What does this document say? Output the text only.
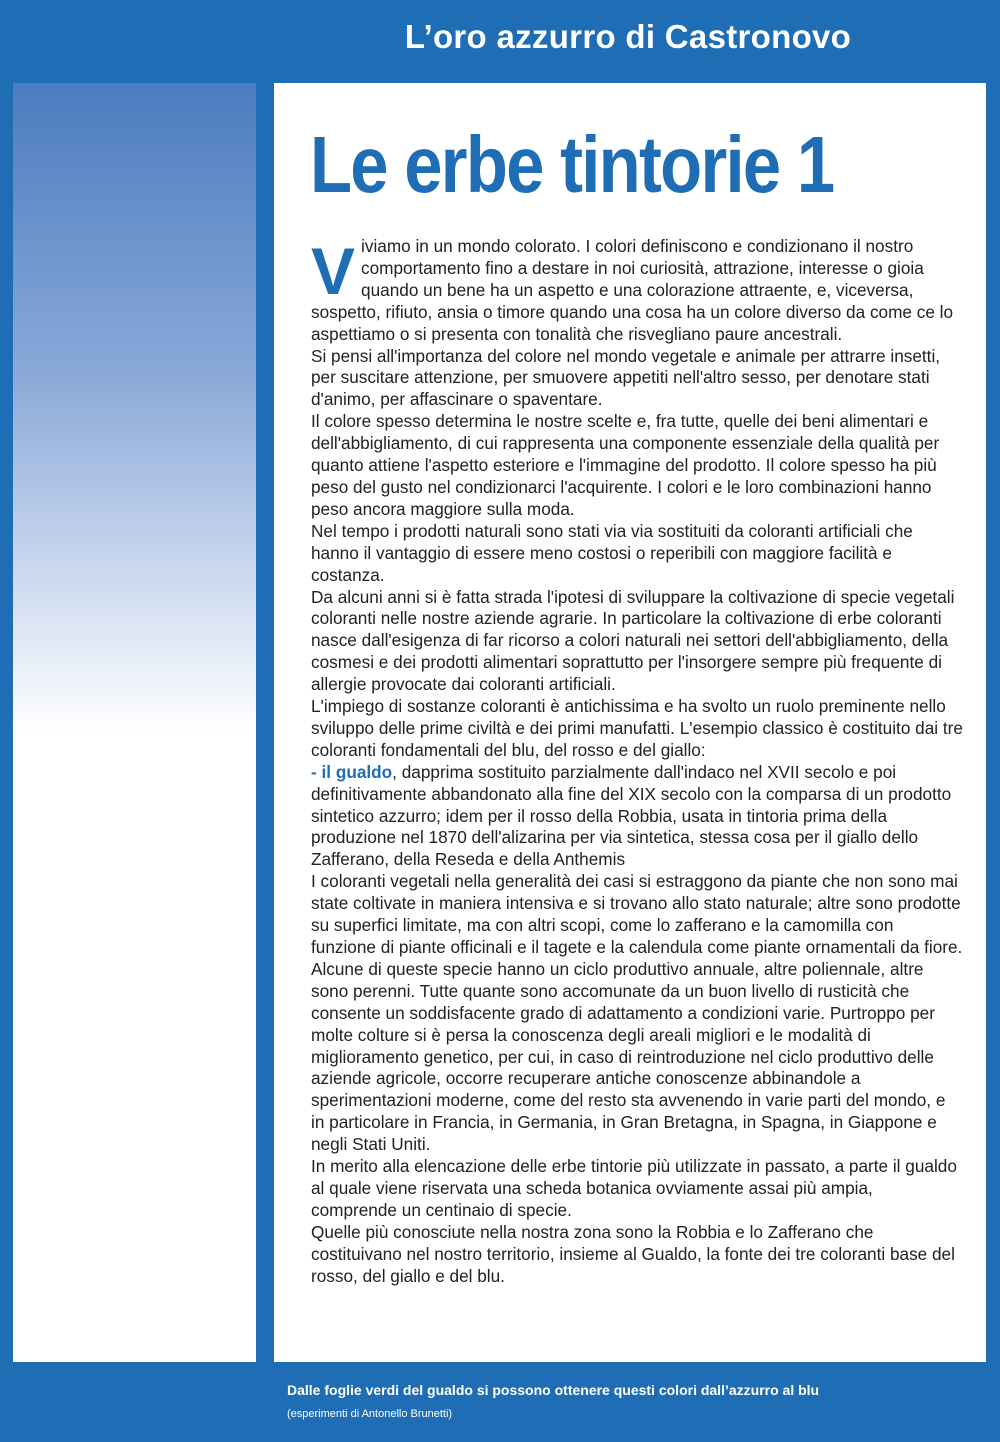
L’oro azzurro di Castronovo
Le erbe tintorie 1

Viviamo in un mondo colorato. I colori definiscono e condizionano il nostro comportamento fino a destare in noi curiosità, attrazione, interesse o gioia quando un bene ha un aspetto e una colorazione attraente, e, viceversa, sospetto, rifiuto, ansia o timore quando una cosa ha un colore diverso da come ce lo aspettiamo o si presenta con tonalità che risvegliano paure ancestrali.

Si pensi all'importanza del colore nel mondo vegetale e animale per attrarre insetti, per suscitare attenzione, per smuovere appetiti nell'altro sesso, per denotare stati d'animo, per affascinare o spaventare.

Il colore spesso determina le nostre scelte e, fra tutte, quelle dei beni alimentari e dell'abbigliamento, di cui rappresenta una componente essenziale della qualità per quanto attiene l'aspetto esteriore e l'immagine del prodotto. Il colore spesso ha più peso del gusto nel condizionarci l'acquirente. I colori e le loro combinazioni hanno peso ancora maggiore sulla moda.

Nel tempo i prodotti naturali sono stati via via sostituiti da coloranti artificiali che hanno il vantaggio di essere meno costosi o reperibili con maggiore facilità e costanza.

Da alcuni anni si è fatta strada l'ipotesi di sviluppare la coltivazione di specie vegetali coloranti nelle nostre aziende agrarie. In particolare la coltivazione di erbe coloranti nasce dall'esigenza di far ricorso a colori naturali nei settori dell'abbigliamento, della cosmesi e dei prodotti alimentari soprattutto per l'insorgere sempre più frequente di allergie provocate dai coloranti artificiali.

L'impiego di sostanze coloranti è antichissima e ha svolto un ruolo preminente nello sviluppo delle prime civiltà e dei primi manufatti. L'esempio classico è costituito dai tre coloranti fondamentali del blu, del rosso e del giallo:

- il gualdo, dapprima sostituito parzialmente dall'indaco nel XVII secolo e poi definitivamente abbandonato alla fine del XIX secolo con la comparsa di un prodotto sintetico azzurro; idem per il rosso della Robbia, usata in tintoria prima della produzione nel 1870 dell'alizarina per via sintetica, stessa cosa per il giallo dello Zafferano, della Reseda e della Anthemis

I coloranti vegetali nella generalità dei casi si estraggono da piante che non sono mai state coltivate in maniera intensiva e si trovano allo stato naturale; altre sono prodotte su superfici limitate, ma con altri scopi, come lo zafferano e la camomilla con funzione di piante officinali e il tagete e la calendula come piante ornamentali da fiore.

Alcune di queste specie hanno un ciclo produttivo annuale, altre poliennale, altre sono perenni. Tutte quante sono accomunate da un buon livello di rusticità che consente un soddisfacente grado di adattamento a condizioni varie. Purtroppo per molte colture si è persa la conoscenza degli areali migliori e le modalità di miglioramento genetico, per cui, in caso di reintroduzione nel ciclo produttivo delle aziende agricole, occorre recuperare antiche conoscenze abbinandole a sperimentazioni moderne, come del resto sta avvenendo in varie parti del mondo, e in particolare in Francia, in Germania, in Gran Bretagna, in Spagna, in Giappone e negli Stati Uniti.

In merito alla elencazione delle erbe tintorie più utilizzate in passato, a parte il gualdo al quale viene riservata una scheda botanica ovviamente assai più ampia, comprende un centinaio di specie.

Quelle più conosciute nella nostra zona sono la Robbia e lo Zafferano che costituivano nel nostro territorio, insieme al Gualdo, la fonte dei tre coloranti base del rosso, del giallo e del blu.

Dalle foglie verdi del gualdo si possono ottenere questi colori dall’azzurro al blu
(esperimenti di Antonello Brunetti)
